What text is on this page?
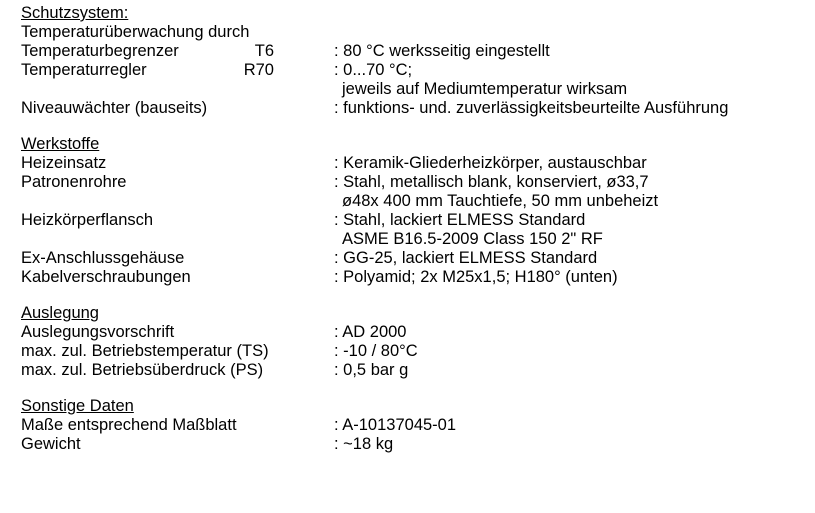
Schutzsystem:
Temperaturüberwachung durch
Temperaturbegrenzer	T6	: 80 °C werksseitig eingestellt
Temperaturregler	R70	: 0...70 °C;
jeweils auf Mediumtemperatur wirksam
Niveauwächter (bauseits)	: funktions- und. zuverlässigkeitsbeurteilte Ausführung
Werkstoffe
Heizeinsatz	: Keramik-Gliederheizkörper, austauschbar
Patronenrohre	: Stahl, metallisch blank, konserviert, ø33,7
ø48x 400 mm Tauchtiefe, 50 mm unbeheizt
Heizkörperflansch	: Stahl, lackiert ELMESS Standard
ASME B16.5-2009 Class 150 2" RF
Ex-Anschlussgehäuse	: GG-25, lackiert ELMESS Standard
Kabelverschraubungen	: Polyamid; 2x M25x1,5; H180° (unten)
Auslegung
Auslegungsvorschrift	: AD 2000
max. zul. Betriebstemperatur (TS)	: -10 / 80°C
max. zul. Betriebsüberdruck (PS)	: 0,5 bar g
Sonstige Daten
Maße entsprechend Maßblatt	: A-10137045-01
Gewicht	: ~18 kg
